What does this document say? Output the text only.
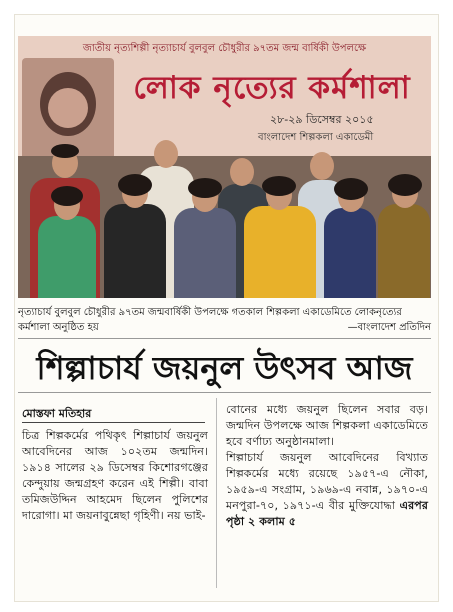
জাতীয় নৃত্যশিল্পী নৃত্যাচার্য বুলবুল চৌধুরীর ৯৭তম জন্ম বার্ষিকী উপলক্ষে
লোক নৃত্যের কর্মশালা
২৮-২৯ ডিসেম্বর ২০১৫
বাংলাদেশ শিল্পকলা একাডেমী
নৃত্যাচার্য বুলবুল চৌধুরীর ৯৭তম জন্মবার্ষিকী উপলক্ষে গতকাল শিল্পকলা একাডেমিতে লোকনৃত্যের কর্মশালা অনুষ্ঠিত হয়	—বাংলাদেশ প্রতিদিন
শিল্পাচার্য জয়নুল উৎসব আজ
মোস্তফা মতিহার

চিত্র শিল্পকর্মের পথিকৃৎ শিল্পাচার্য জয়নুল আবেদিনের আজ ১০২তম জন্মদিন। ১৯১৪ সালের ২৯ ডিসেম্বর কিশোরগঞ্জের কেন্দুয়ায় জন্মগ্রহণ করেন এই শিল্পী। বাবা তমিজউদ্দিন আহমেদ ছিলেন পুলিশের দারোগা। মা জয়নাবুন্নেছা গৃহিণী। নয় ভাই-

বোনের মধ্যে জয়নুল ছিলেন সবার বড়। জন্মদিন উপলক্ষে আজ শিল্পকলা একাডেমিতে হবে বর্ণাঢ্য অনুষ্ঠানমালা।

শিল্পাচার্য জয়নুল আবেদিনের বিখ্যাত শিল্পকর্মের মধ্যে রয়েছে ১৯৫৭-এ নৌকা, ১৯৫৯-এ সংগ্রাম, ১৯৬৯-এ নবান্ন, ১৯৭০-এ মনপুরা-৭০, ১৯৭১-এ বীর মুক্তিযোদ্ধা এরপর পৃষ্ঠা ২ কলাম ৫
